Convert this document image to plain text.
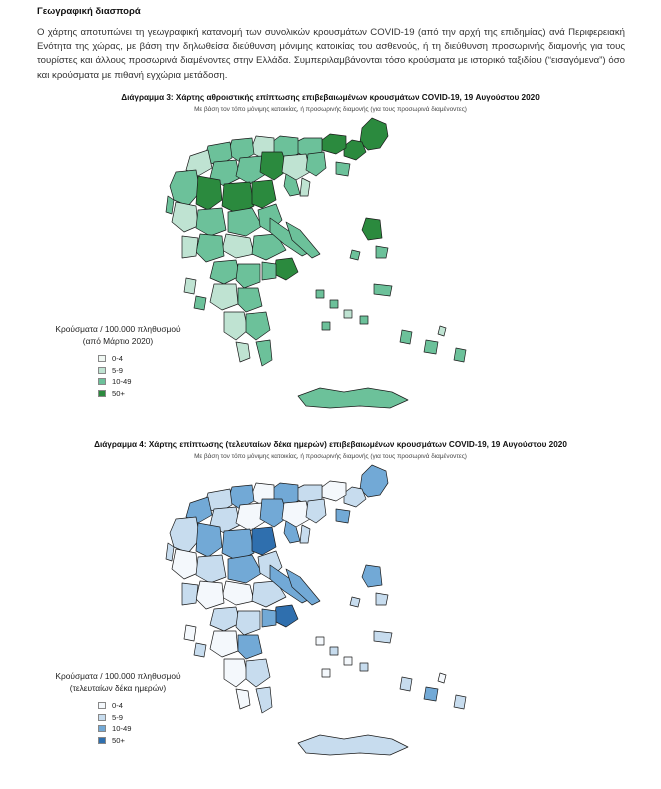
Γεωγραφική διασπορά

Ο χάρτης αποτυπώνει τη γεωγραφική κατανομή των συνολικών κρουσμάτων COVID-19 (από την αρχή της επιδημίας) ανά Περιφερειακή Ενότητα της χώρας, με βάση την δηλωθείσα διεύθυνση μόνιμης κατοικίας του ασθενούς, ή τη διεύθυνση προσωρινής διαμονής για τους τουρίστες και άλλους προσωρινά διαμένοντες στην Ελλάδα. Συμπεριλαμβάνονται τόσο κρούσματα με ιστορικό ταξιδίου (“εισαγόμενα”) όσο και κρούσματα με πιθανή εγχώρια μετάδοση.

Διάγραμμα 3: Χάρτης αθροιστικής επίπτωσης επιβεβαιωμένων κρουσμάτων COVID-19, 19 Αυγούστου 2020

Με βάση τον τόπο μόνιμης κατοικίας, ή προσωρινής διαμονής (για τους προσωρινά διαμένοντες)

Κρούσματα / 100.000 πληθυσμού
(από Μάρτιο 2020)
0-4
5-9
10-49
50+

Διάγραμμα 4: Χάρτης επίπτωσης (τελευταίων δέκα ημερών) επιβεβαιωμένων κρουσμάτων COVID-19, 19 Αυγούστου 2020

Με βάση τον τόπο μόνιμης κατοικίας, ή προσωρινής διαμονής (για τους προσωρινά διαμένοντες)

Κρούσματα / 100.000 πληθυσμού
(τελευταίων δέκα ημερών)
0-4
5-9
10-49
50+
